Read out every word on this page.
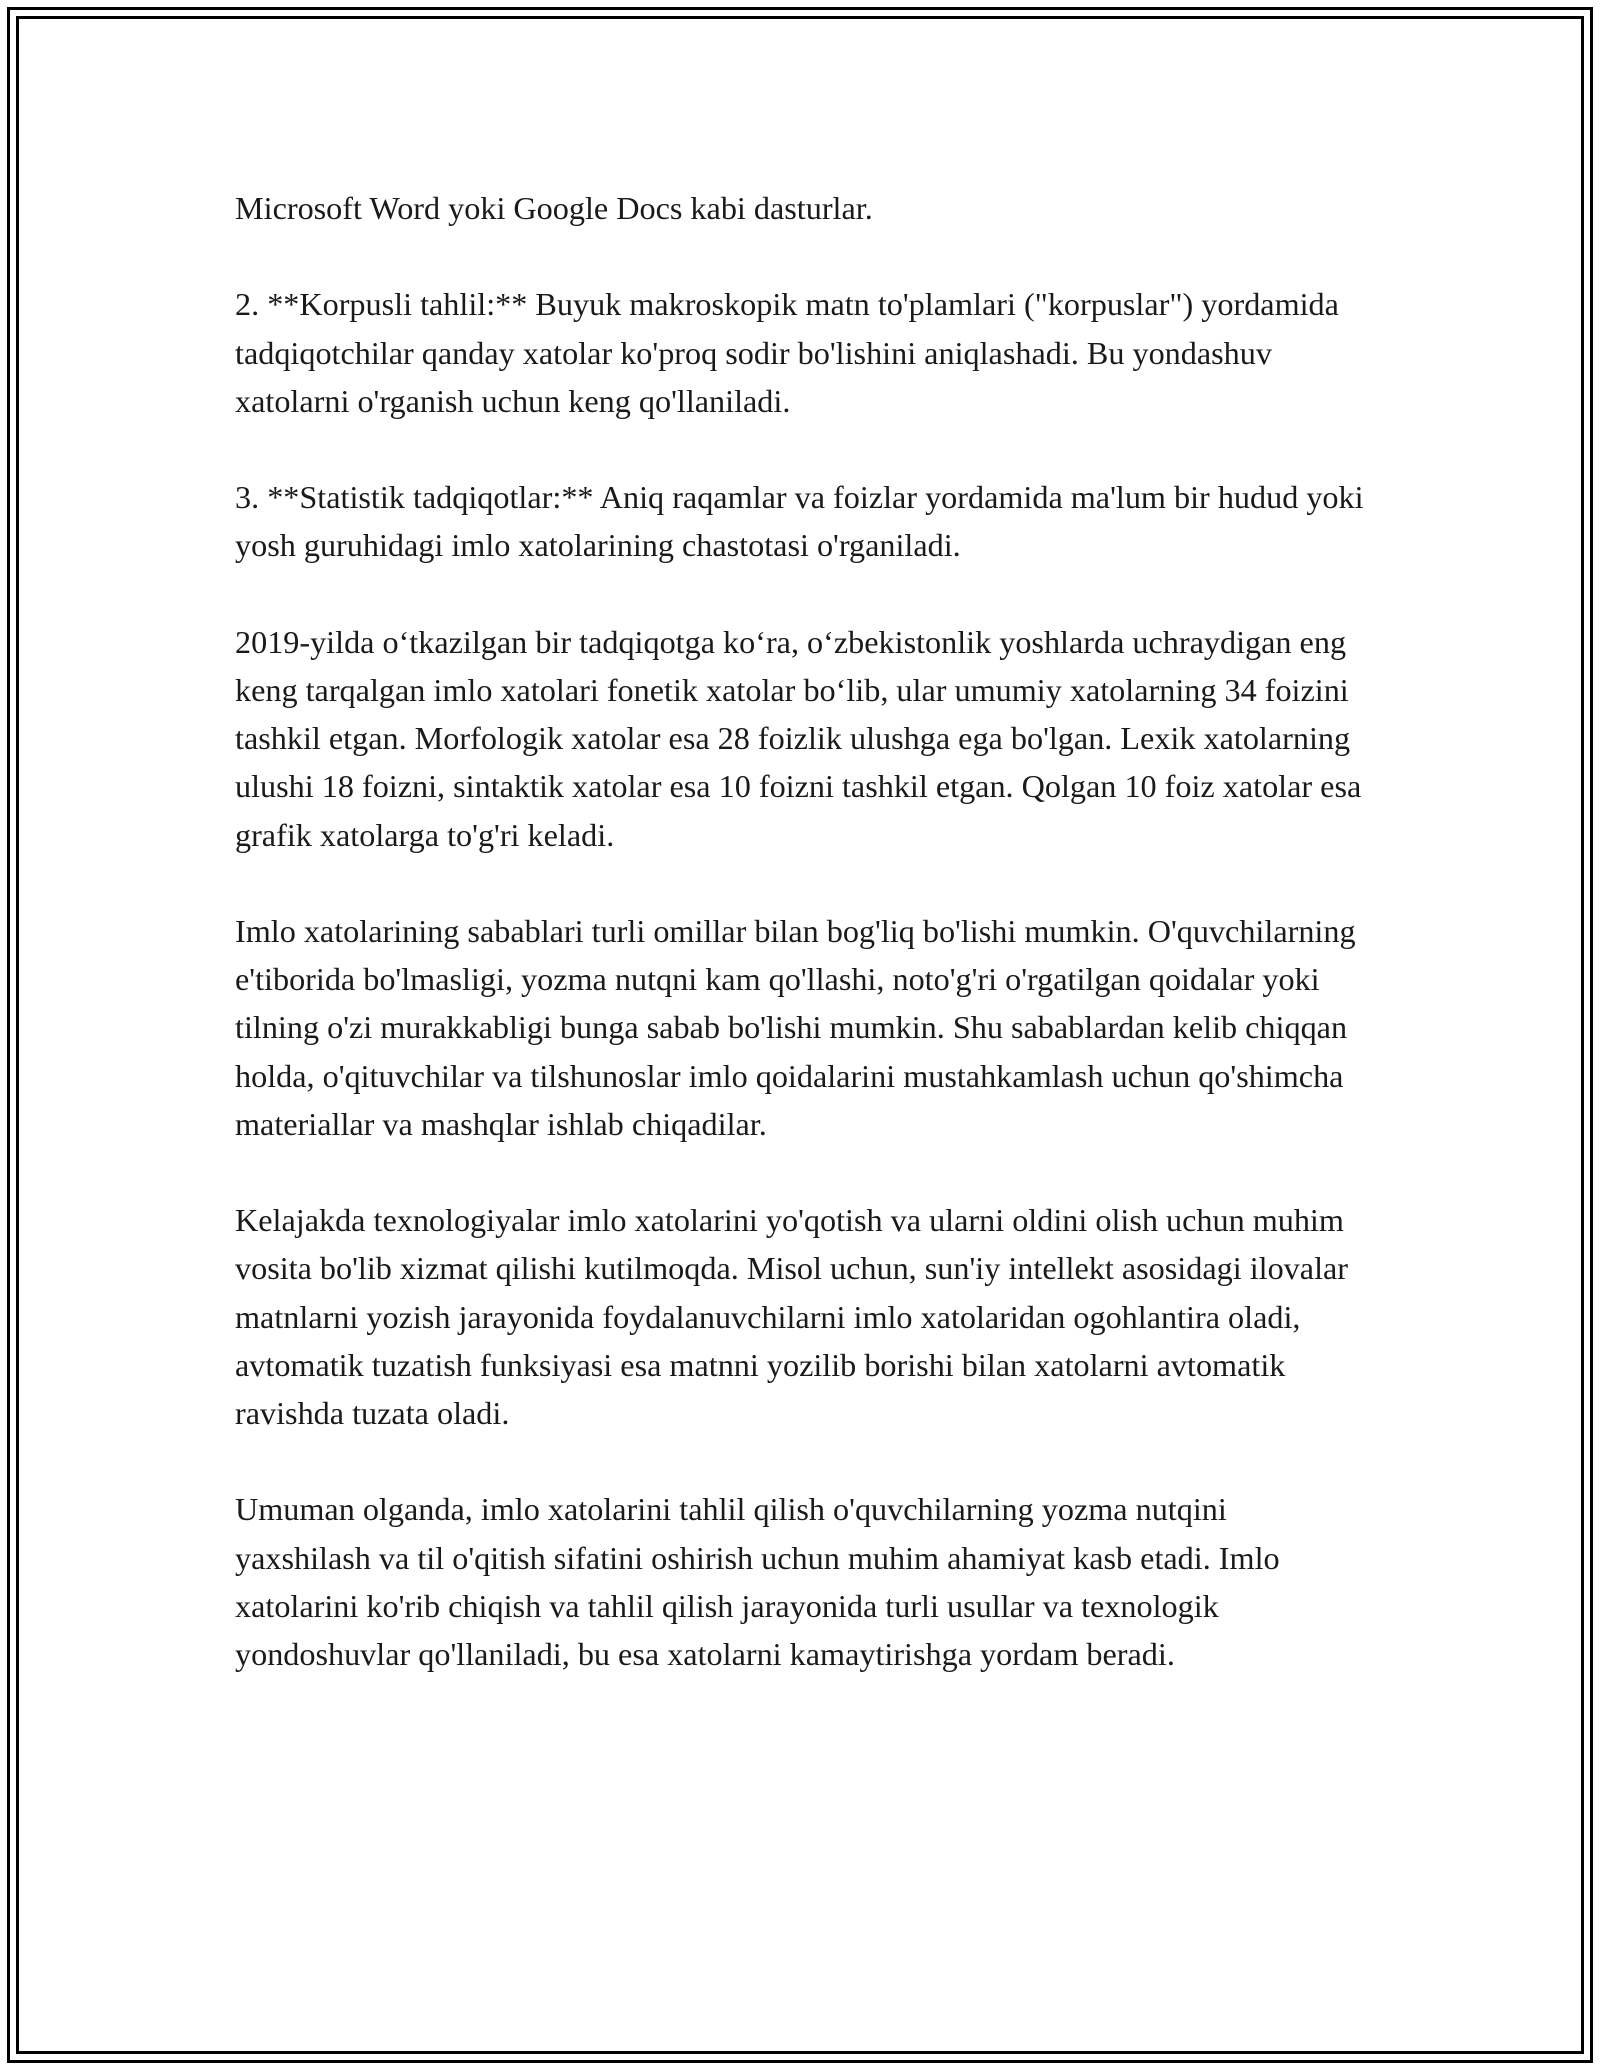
Microsoft Word yoki Google Docs kabi dasturlar.

2. **Korpusli tahlil:** Buyuk makroskopik matn to'plamlari ("korpuslar") yordamida tadqiqotchilar qanday xatolar ko'proq sodir bo'lishini aniqlashadi. Bu yondashuv xatolarni o'rganish uchun keng qo'llaniladi.

3. **Statistik tadqiqotlar:** Aniq raqamlar va foizlar yordamida ma'lum bir hudud yoki yosh guruhidagi imlo xatolarining chastotasi o'rganiladi.

2019-yilda o‘tkazilgan bir tadqiqotga ko‘ra, o‘zbekistonlik yoshlarda uchraydigan eng keng tarqalgan imlo xatolari fonetik xatolar bo‘lib, ular umumiy xatolarning 34 foizini tashkil etgan. Morfologik xatolar esa 28 foizlik ulushga ega bo'lgan. Lexik xatolarning ulushi 18 foizni, sintaktik xatolar esa 10 foizni tashkil etgan. Qolgan 10 foiz xatolar esa grafik xatolarga to'g'ri keladi.

Imlo xatolarining sabablari turli omillar bilan bog'liq bo'lishi mumkin. O'quvchilarning e'tiborida bo'lmasligi, yozma nutqni kam qo'llashi, noto'g'ri o'rgatilgan qoidalar yoki tilning o'zi murakkabligi bunga sabab bo'lishi mumkin. Shu sabablardan kelib chiqqan holda, o'qituvchilar va tilshunoslar imlo qoidalarini mustahkamlash uchun qo'shimcha materiallar va mashqlar ishlab chiqadilar.

Kelajakda texnologiyalar imlo xatolarini yo'qotish va ularni oldini olish uchun muhim vosita bo'lib xizmat qilishi kutilmoqda. Misol uchun, sun'iy intellekt asosidagi ilovalar matnlarni yozish jarayonida foydalanuvchilarni imlo xatolaridan ogohlantira oladi, avtomatik tuzatish funksiyasi esa matnni yozilib borishi bilan xatolarni avtomatik ravishda tuzata oladi.

Umuman olganda, imlo xatolarini tahlil qilish o'quvchilarning yozma nutqini yaxshilash va til o'qitish sifatini oshirish uchun muhim ahamiyat kasb etadi. Imlo xatolarini ko'rib chiqish va tahlil qilish jarayonida turli usullar va texnologik yondoshuvlar qo'llaniladi, bu esa xatolarni kamaytirishga yordam beradi.
